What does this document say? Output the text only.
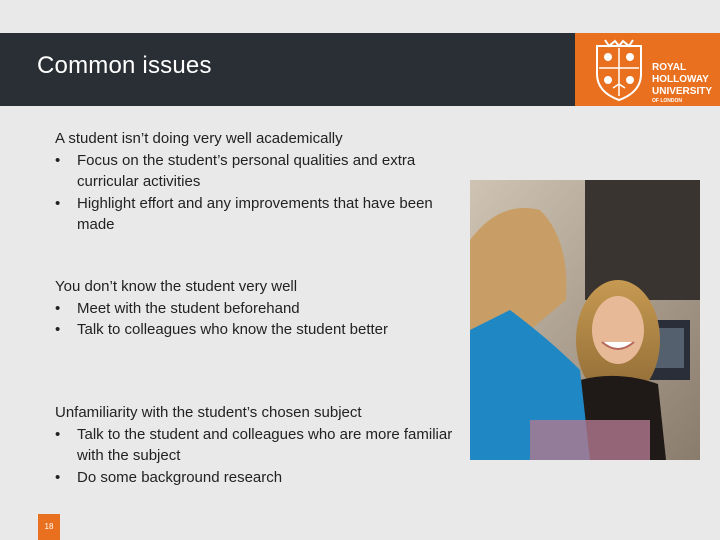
Common issues	ROYAL
HOLLOWAY
UNIVERSITY
OF LONDON
A student isn’t doing very well academically
• Focus on the student’s personal qualities and extra curricular activities
• Highlight effort and any improvements that have been made
You don’t know the student very well
• Meet with the student beforehand
• Talk to colleagues who know the student better
Unfamiliarity with the student’s chosen subject
• Talk to the student and colleagues who are more familiar with the subject
• Do some background research
18
